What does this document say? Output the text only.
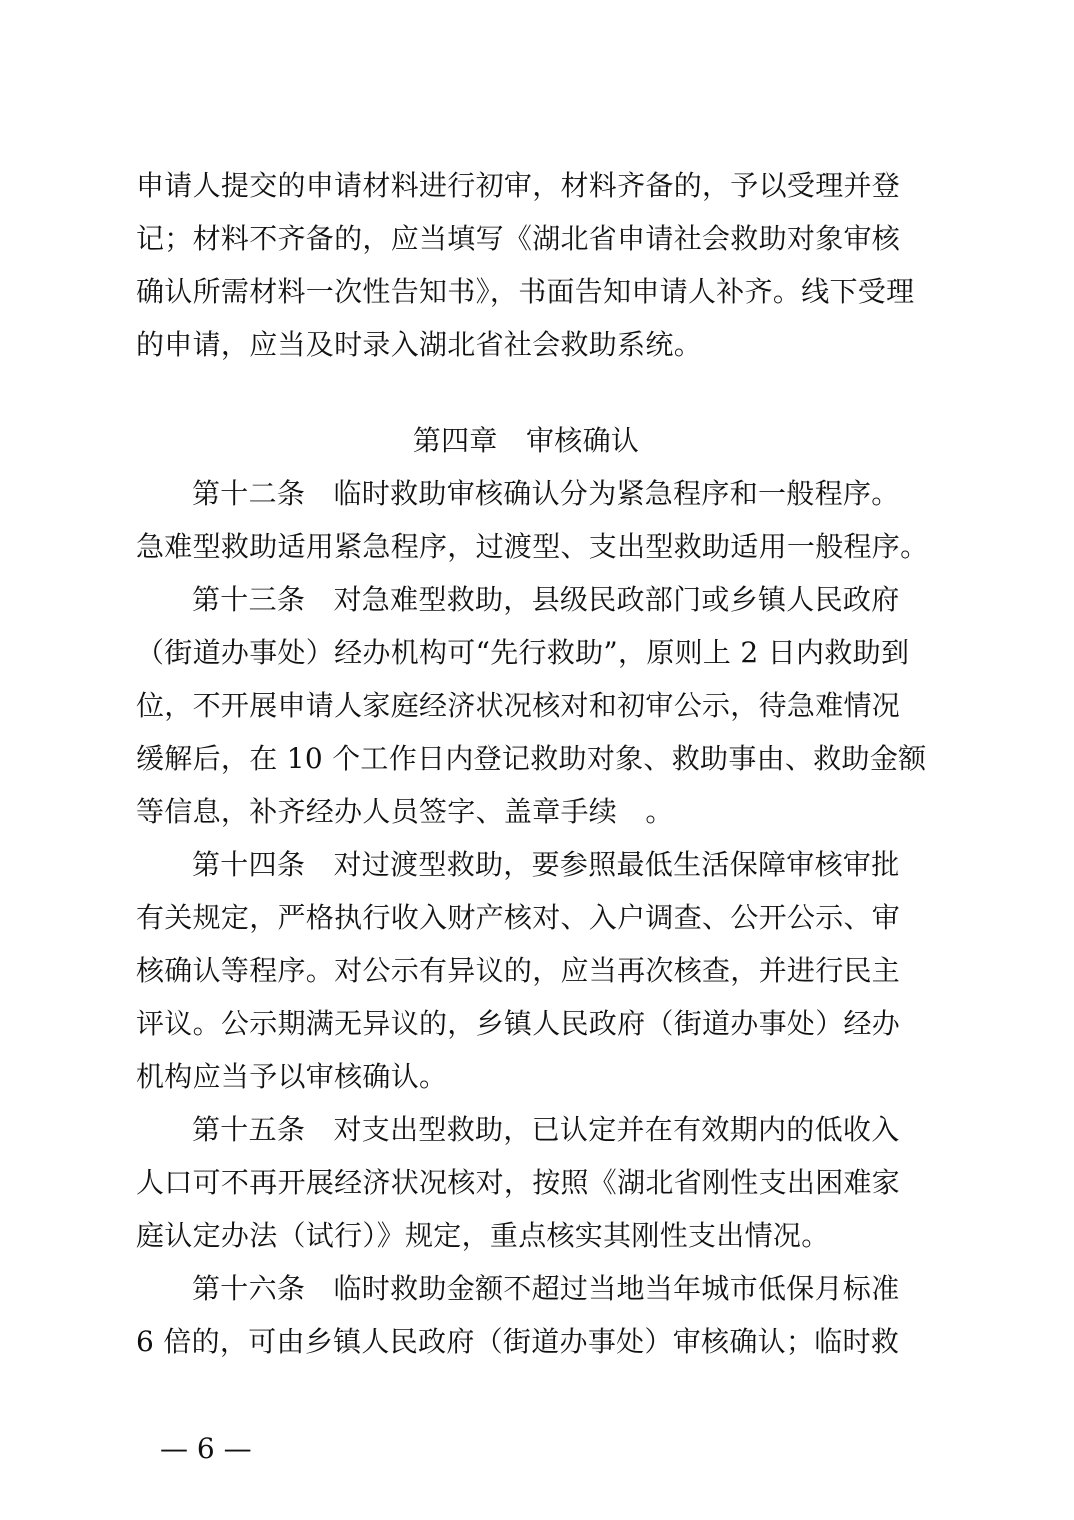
申请人提交的申请材料进行初审，材料齐备的，予以受理并登
记；材料不齐备的，应当填写《湖北省申请社会救助对象审核
确认所需材料一次性告知书》，书面告知申请人补齐。线下受理
的申请，应当及时录入湖北省社会救助系统。
第四章　审核确认
第十二条　临时救助审核确认分为紧急程序和一般程序。
急难型救助适用紧急程序，过渡型、支出型救助适用一般程序。
第十三条　对急难型救助，县级民政部门或乡镇人民政府
（街道办事处）经办机构可“先行救助”，原则上 2 日内救助到
位，不开展申请人家庭经济状况核对和初审公示，待急难情况
缓解后，在 10 个工作日内登记救助对象、救助事由、救助金额
等信息，补齐经办人员签字、盖章手续　。
第十四条　对过渡型救助，要参照最低生活保障审核审批
有关规定，严格执行收入财产核对、入户调查、公开公示、审
核确认等程序。对公示有异议的，应当再次核查，并进行民主
评议。公示期满无异议的，乡镇人民政府（街道办事处）经办
机构应当予以审核确认。
第十五条　对支出型救助，已认定并在有效期内的低收入
人口可不再开展经济状况核对，按照《湖北省刚性支出困难家
庭认定办法（试行）》规定，重点核实其刚性支出情况。
第十六条　临时救助金额不超过当地当年城市低保月标准
6 倍的，可由乡镇人民政府（街道办事处）审核确认；临时救
— 6 —
